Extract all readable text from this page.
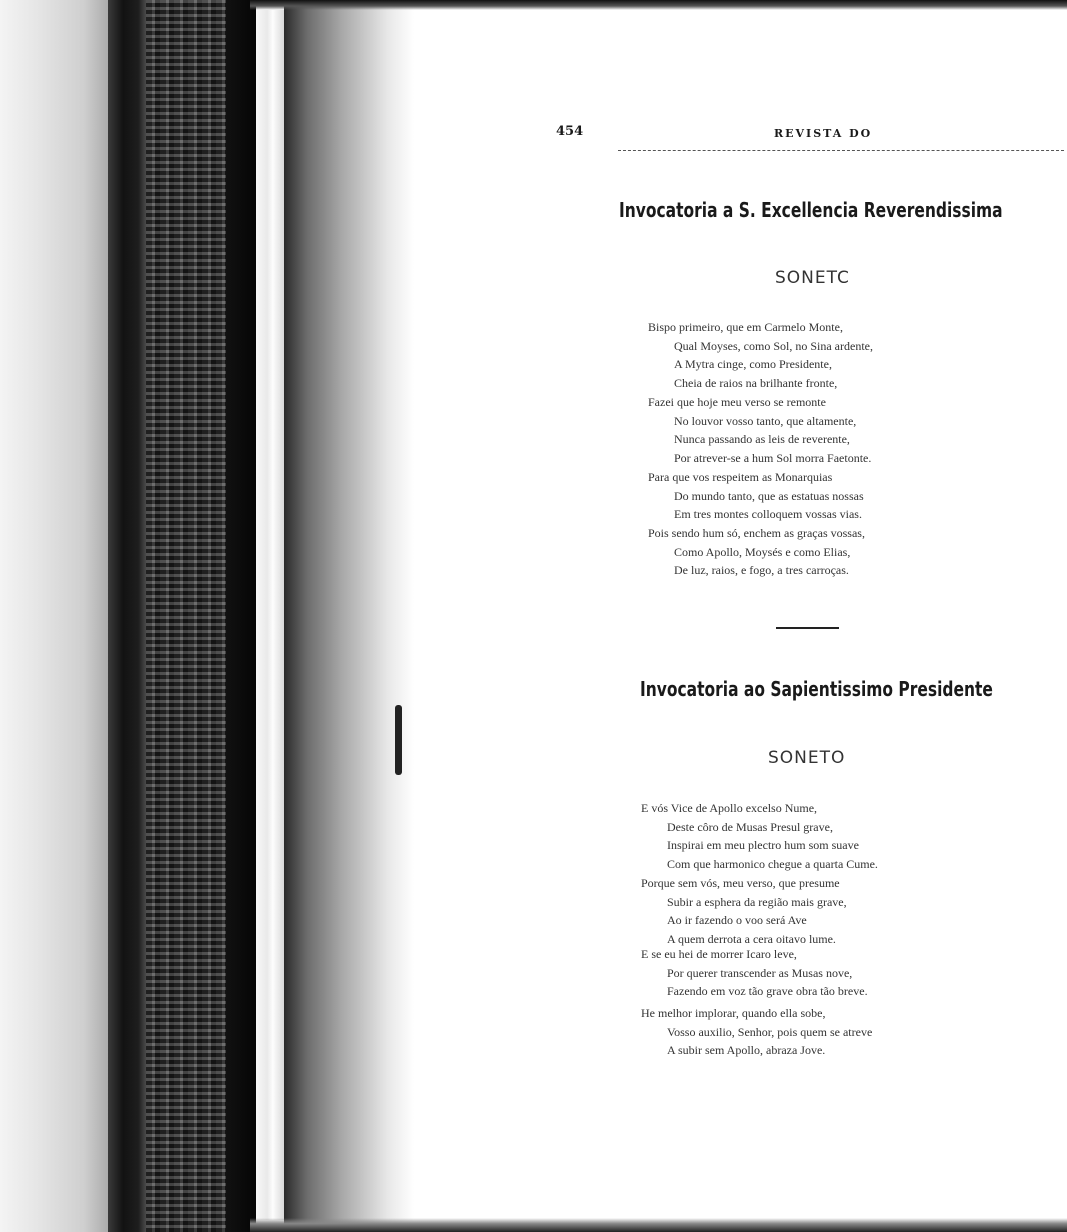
454	REVISTA DO
Invocatoria a S. Excellencia Reverendissima
SONETC
Bispo primeiro, que em Carmelo Monte,
Qual Moyses, como Sol, no Sina ardente,
A Mytra cinge, como Presidente,
Cheia de raios na brilhante fronte,
Fazei que hoje meu verso se remonte
No louvor vosso tanto, que altamente,
Nunca passando as leis de reverente,
Por atrever-se a hum Sol morra Faetonte.
Para que vos respeitem as Monarquias
Do mundo tanto, que as estatuas nossas
Em tres montes colloquem vossas vias.
Pois sendo hum só, enchem as graças vossas,
Como Apollo, Moysés e como Elias,
De luz, raios, e fogo, a tres carroças.
Invocatoria ao Sapientissimo Presidente
SONETO
E vós Vice de Apollo excelso Nume,
Deste côro de Musas Presul grave,
Inspirai em meu plectro hum som suave
Com que harmonico chegue a quarta Cume.
Porque sem vós, meu verso, que presume
Subir a esphera da região mais grave,
Ao ir fazendo o voo será Ave
A quem derrota a cera oitavo lume.
E se eu hei de morrer Icaro leve,
Por querer transcender as Musas nove,
Fazendo em voz tão grave obra tão breve.
He melhor implorar, quando ella sobe,
Vosso auxilio, Senhor, pois quem se atreve
A subir sem Apollo, abraza Jove.
